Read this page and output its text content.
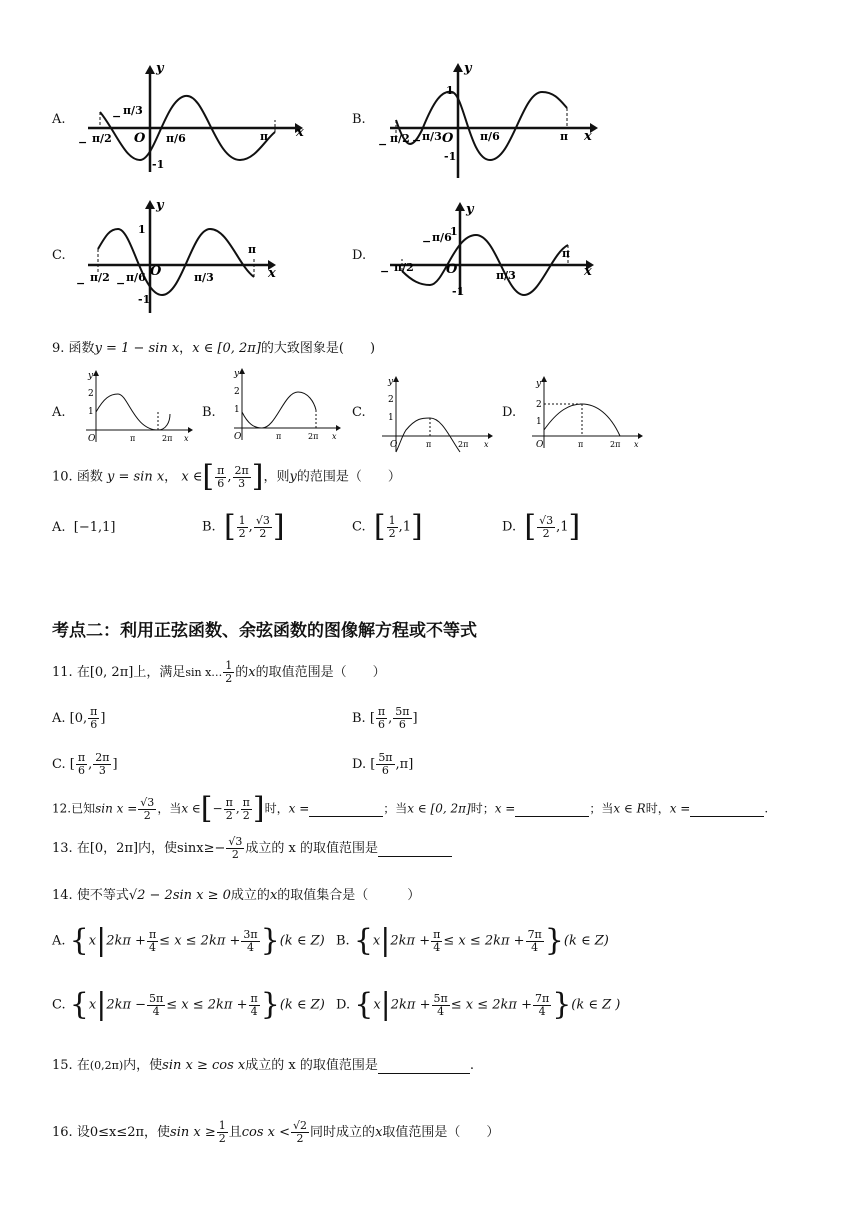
A.
y
x
O
-1
− π/2
− π/3
π/6	π
B.
y
x
O
1
-1
− π/2 − π/3	π/6	π
C.
y
x
O
1
-1
− π/2 − π/6	π/3
π	D.
y
x
O
1
-1
− π/2
− π/6
π/3
π
9. 函数y = 1 − sin x，x ∈ [0, 2π]的大致图象是(　　)
A.
y
2
1
O	π	2π x
B.
y
2
1
O	π	2π x
C.
y
2
1
O	π	2π x
D.
y
2
1
O	π	2π x
10. 函数 y = sin x， x ∈[ $\frac{\pi}{6}$ , $\frac{2\pi}{3}$ ]，则y的范围是（　　）
A. [−1,1]	B. [ $\frac{1}{2}$ , $\frac{√3}{2}$ ]	C. [ $\frac{1}{2} ,1$]	D. [ $\frac{√3}{2} ,1$]
考点二：利用正弦函数、余弦函数的图像解方程或不等式
11. 在[0, 2π]上，满足sin x… $\frac{1}{2}$ 的x的取值范围是（　　）
A. [0, $\frac{\pi}{6}$ ]	B. [ $\frac{\pi}{6}$ , $\frac{5\pi}{6}$ ]
C. [ $\frac{\pi}{6}$ , $\frac{2\pi}{3}$ ]	D. [ $\frac{5\pi}{6} ,\pi$]
12.已知$\sin x = \frac{√3}{2}$ ，当x ∈[− $\frac{\pi}{2}$ , $\frac{\pi}{2}$ ]时，x =	；当x ∈ [0, 2π]时；x =	；当x ∈ R时，x =	.
13. 在[0，2π]内，使$\sin x\ge- \frac{√3}{2}$ 成立的 x 的取值范围是
14. 使不等式√2 − 2sin x ≥ 0成立的x的取值集合是（　　　）
A. $\{x|2k\pi + \frac{\pi}{4} \le x \le 2k\pi + \frac{3\pi}{4} \}(k$ ∈ Z) B. $\{x|2k\pi + \frac{\pi}{4} \le x \le 2k\pi + \frac{7\pi}{4} \}(k$ ∈ Z)
C. $\{x|2k\pi - \frac{5\pi}{4} \le x \le 2k\pi + \frac{\pi}{4} \}(k$ ∈ Z) D. $\{x|2k\pi + \frac{5\pi}{4} \le x \le 2k\pi + \frac{7\pi}{4} \}(k$ ∈ Z )
15. 在(0,2π)内，使sin x ≥ cos x成立的 x 的取值范围是	.
16. 设0≤x≤2π，使$\sin x \ge \frac{1}{2}$ 且$\cos x < \frac{√2}{2}$ 同时成立的x取值范围是（　　）
